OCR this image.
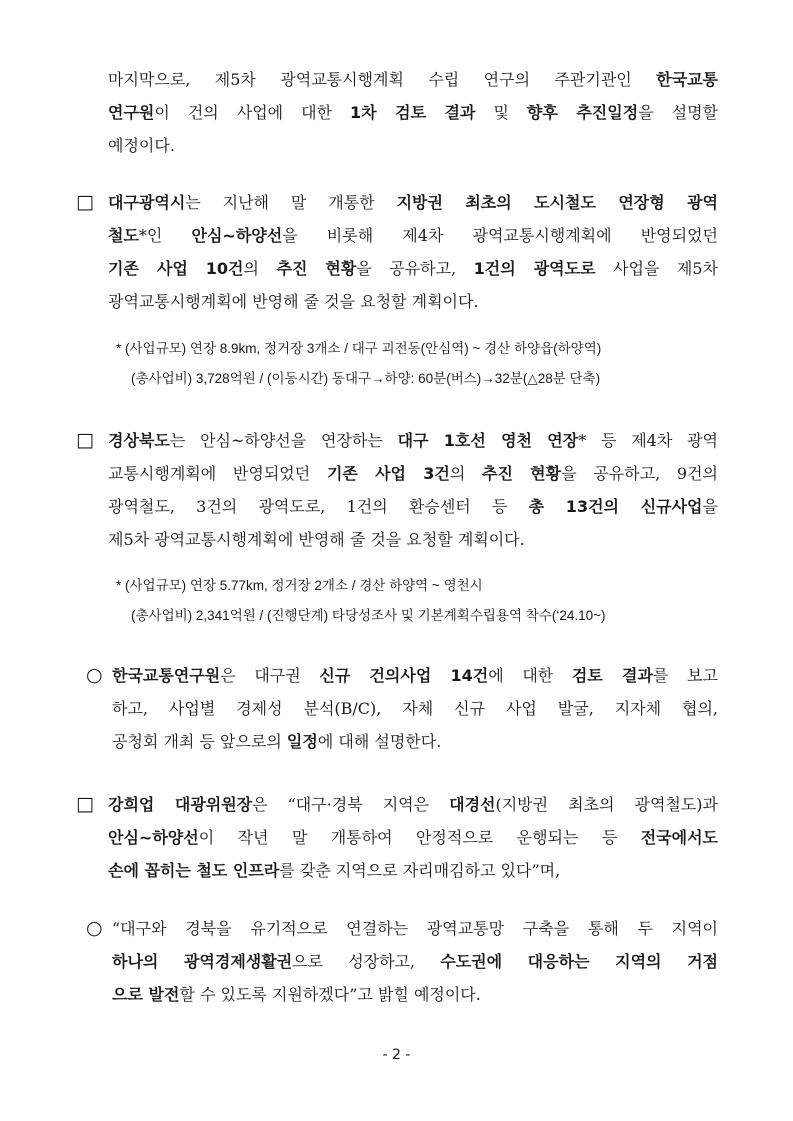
마지막으로, 제5차 광역교통시행계획 수립 연구의 주관기관인 한국교통
연구원이 건의 사업에 대한 1차 검토 결과 및 향후 추진일정을 설명할
예정이다.
□ 대구광역시는 지난해 말 개통한 지방권 최초의 도시철도 연장형 광역
철도*인 안심~하양선을 비롯해 제4차 광역교통시행계획에 반영되었던
기존 사업 10건의 추진 현황을 공유하고, 1건의 광역도로 사업을 제5차
광역교통시행계획에 반영해 줄 것을 요청할 계획이다.
* (사업규모) 연장 8.9km, 정거장 3개소 / 대구 괴전동(안심역) ~ 경산 하양읍(하양역)
(총사업비) 3,728억원 / (이동시간) 동대구→하양: 60분(버스)→32분(△28분 단축)
□ 경상북도는 안심~하양선을 연장하는 대구 1호선 영천 연장* 등 제4차 광역
교통시행계획에 반영되었던 기존 사업 3건의 추진 현황을 공유하고, 9건의
광역철도, 3건의 광역도로, 1건의 환승센터 등 총 13건의 신규사업을
제5차 광역교통시행계획에 반영해 줄 것을 요청할 계획이다.
* (사업규모) 연장 5.77km, 정거장 2개소 / 경산 하양역 ~ 영천시
(총사업비) 2,341억원 / (진행단계) 타당성조사 및 기본계획수립용역 착수(‘24.10~)
○ 한국교통연구원은 대구권 신규 건의사업 14건에 대한 검토 결과를 보고
하고, 사업별 경제성 분석(B/C), 자체 신규 사업 발굴, 지자체 협의,
공청회 개최 등 앞으로의 일정에 대해 설명한다.
□ 강희업 대광위원장은 “대구·경북 지역은 대경선(지방권 최초의 광역철도)과
안심~하양선이 작년 말 개통하여 안정적으로 운행되는 등 전국에서도
손에 꼽히는 철도 인프라를 갖춘 지역으로 자리매김하고 있다”며,
○ “대구와 경북을 유기적으로 연결하는 광역교통망 구축을 통해 두 지역이
하나의 광역경제생활권으로 성장하고, 수도권에 대응하는 지역의 거점
으로 발전할 수 있도록 지원하겠다”고 밝힐 예정이다.
- 2 -
